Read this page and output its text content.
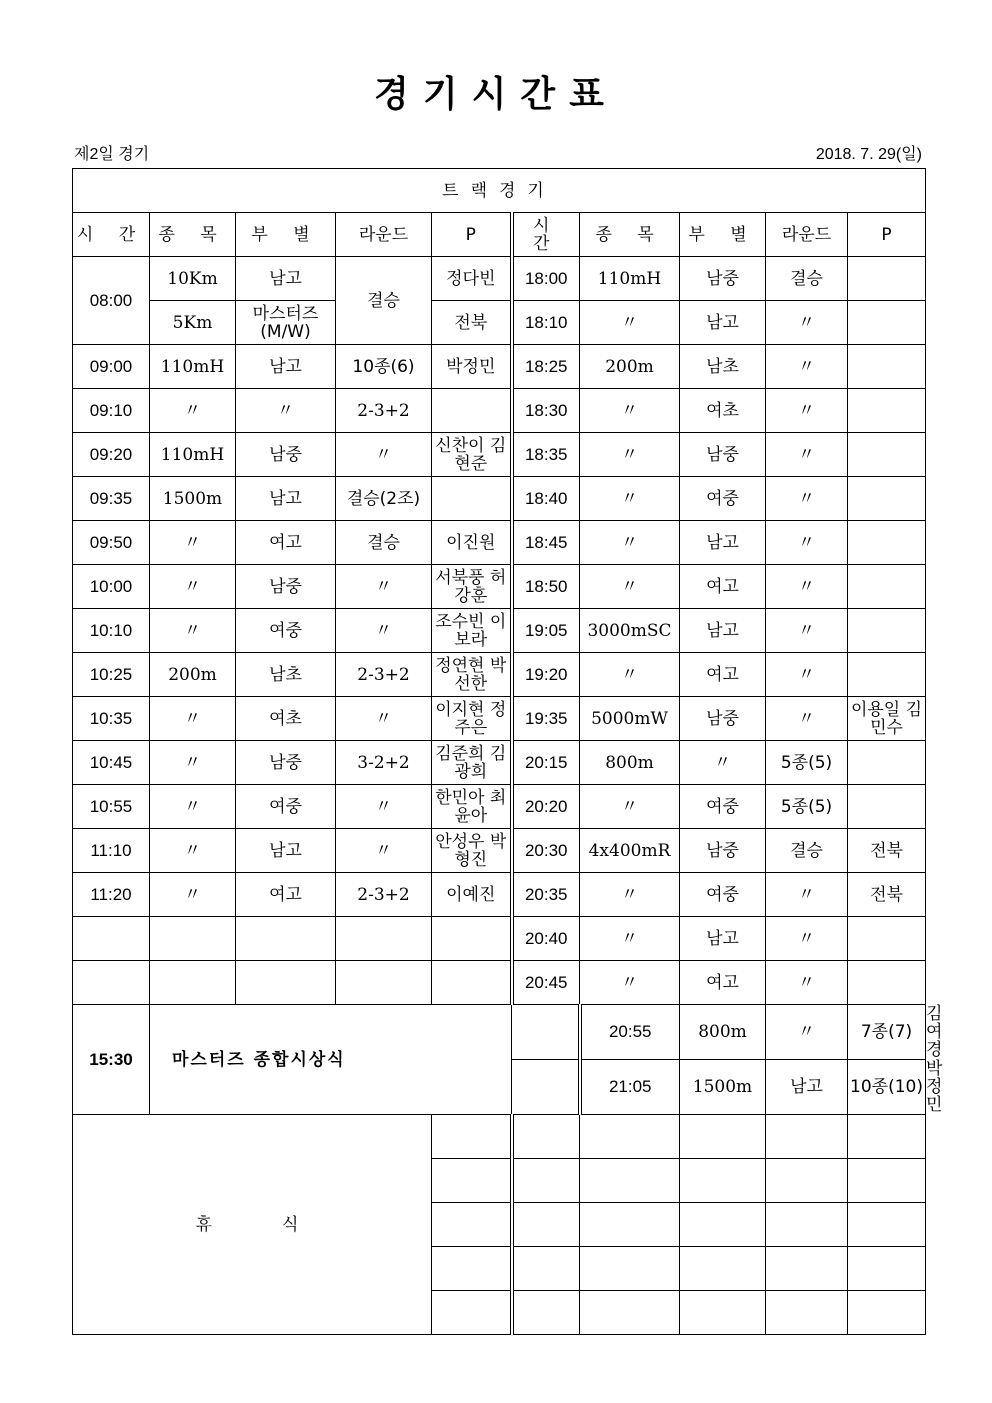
경기시간표
제2일 경기	2018. 7. 29(일)
트랙경기										
시 간	종 목	부 별	라운드	P	시 간	종 목	부 별	라운드	P	
08:00	10Km	남고	결승	정다빈	18:00	110mH	남중	결승		
	5Km	마스터즈(M/W)		전북	18:10	〃	남고	〃		
09:00	110mH	남고	10종(6)	박정민	18:25	200m	남초	〃		
09:10	〃	〃	2-3+2		18:30	〃	여초	〃		
09:20	110mH	남중	〃	신찬이 김현준	18:35	〃	남중	〃		
09:35	1500m	남고	결승(2조)		18:40	〃	여중	〃		
09:50	〃	여고	결승	이진원	18:45	〃	남고	〃		
10:00	〃	남중	〃	서북풍 허강훈	18:50	〃	여고	〃		
10:10	〃	여중	〃	조수빈 이보라	19:05	3000mSC	남고	〃		
10:25	200m	남초	2-3+2	정연현 박선한	19:20	〃	여고	〃		
10:35	〃	여초	〃	이지현 정주은	19:35	5000mW	남중	〃	이용일 김민수	
10:45	〃	남중	3-2+2	김준희 김광희	20:15	800m	〃	5종(5)		
10:55	〃	여중	〃	한민아 최윤아	20:20	〃	여중	5종(5)		
11:10	〃	남고	〃	안성우 박형진	20:30	4x400mR	남중	결승	전북	
11:20	〃	여고	2-3+2	이예진	20:35	〃	여중	〃	전북	
					20:40	〃	남고	〃		
					20:45	〃	여고	〃		
15:30	마스터즈 종합시상식					20:55	800m	〃	7종(7)	김여경
						21:05	1500m	남고	10종(10)	박정민
휴식										
